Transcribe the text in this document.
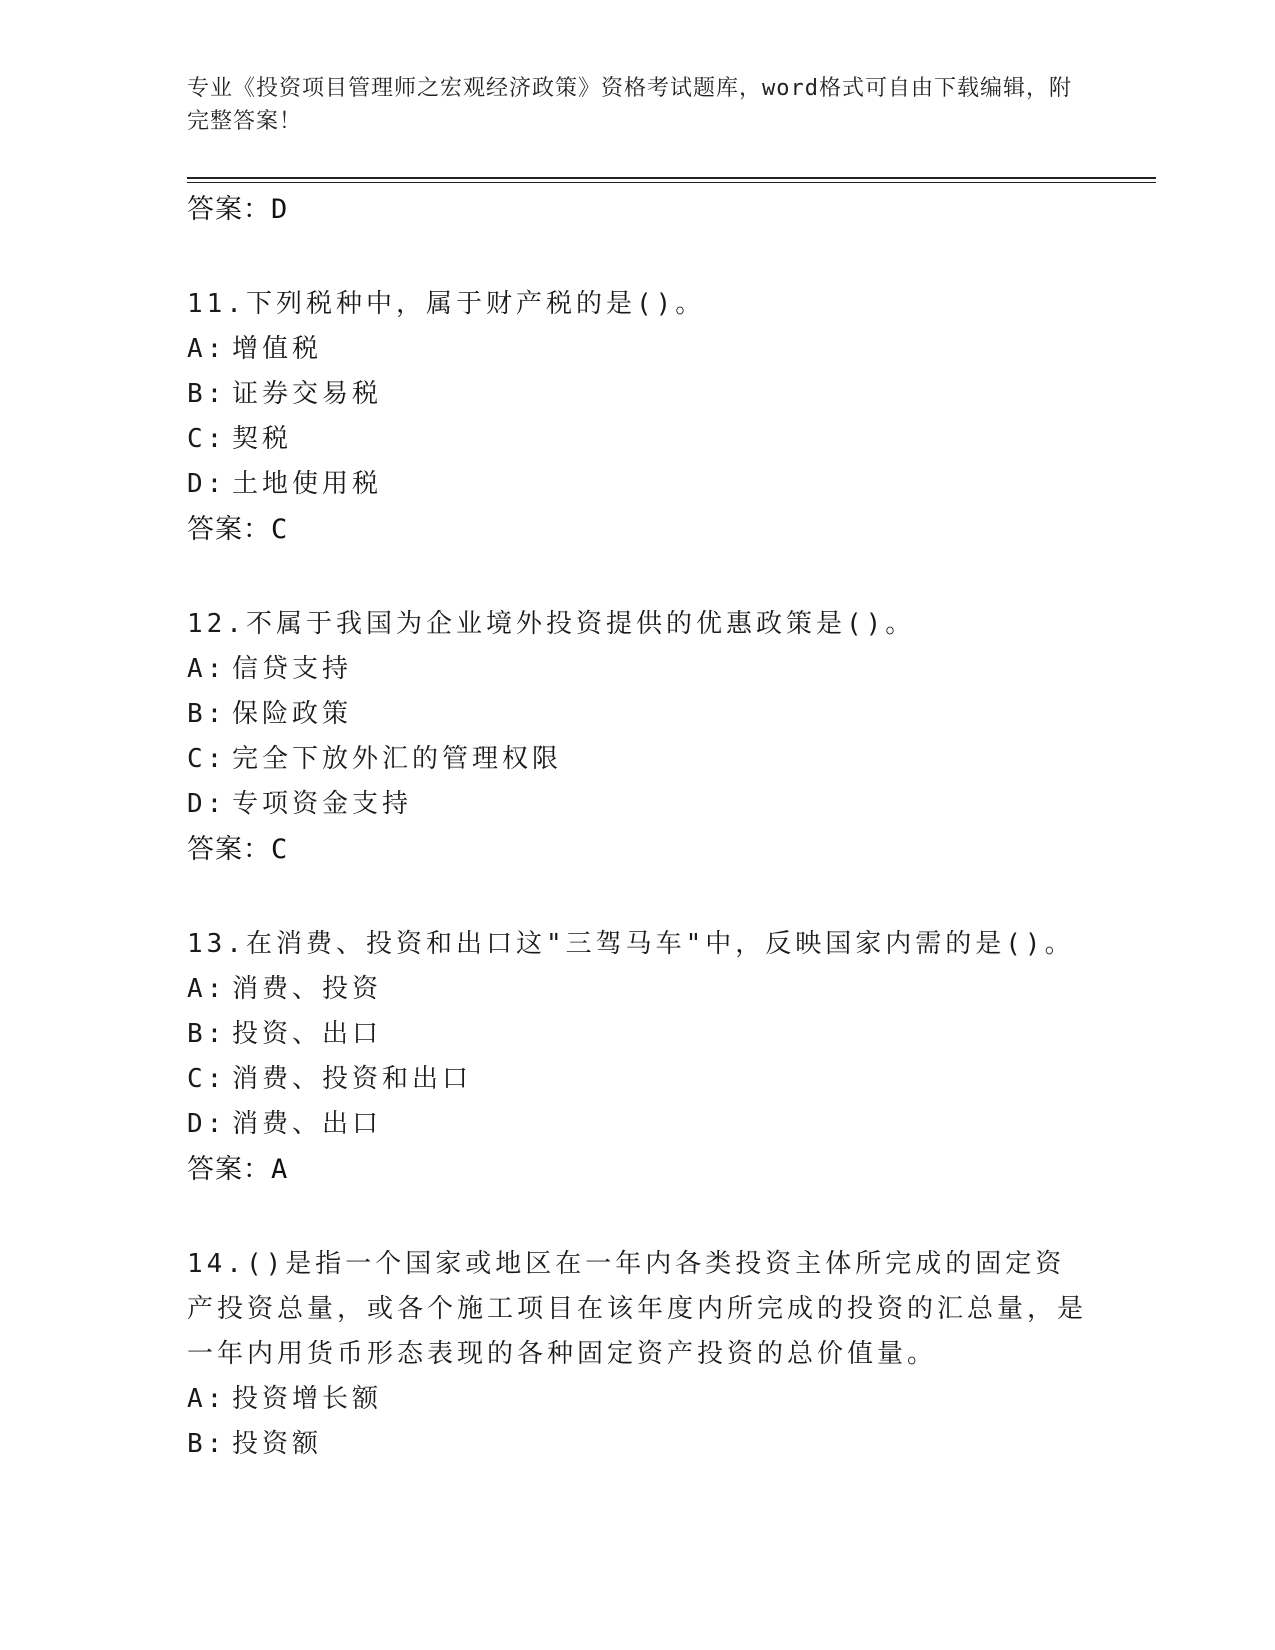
专业《投资项目管理师之宏观经济政策》资格考试题库，word格式可自由下载编辑，附完整答案！
答案：D
11.下列税种中，属于财产税的是()。
A: 增值税
B: 证券交易税
C: 契税
D: 土地使用税
答案：C
12.不属于我国为企业境外投资提供的优惠政策是()。
A: 信贷支持
B: 保险政策
C: 完全下放外汇的管理权限
D: 专项资金支持
答案：C
13.在消费、投资和出口这"三驾马车"中，反映国家内需的是()。
A: 消费、投资
B: 投资、出口
C: 消费、投资和出口
D: 消费、出口
答案：A
14.()是指一个国家或地区在一年内各类投资主体所完成的固定资产投资总量，或各个施工项目在该年度内所完成的投资的汇总量，是一年内用货币形态表现的各种固定资产投资的总价值量。
A: 投资增长额
B: 投资额
